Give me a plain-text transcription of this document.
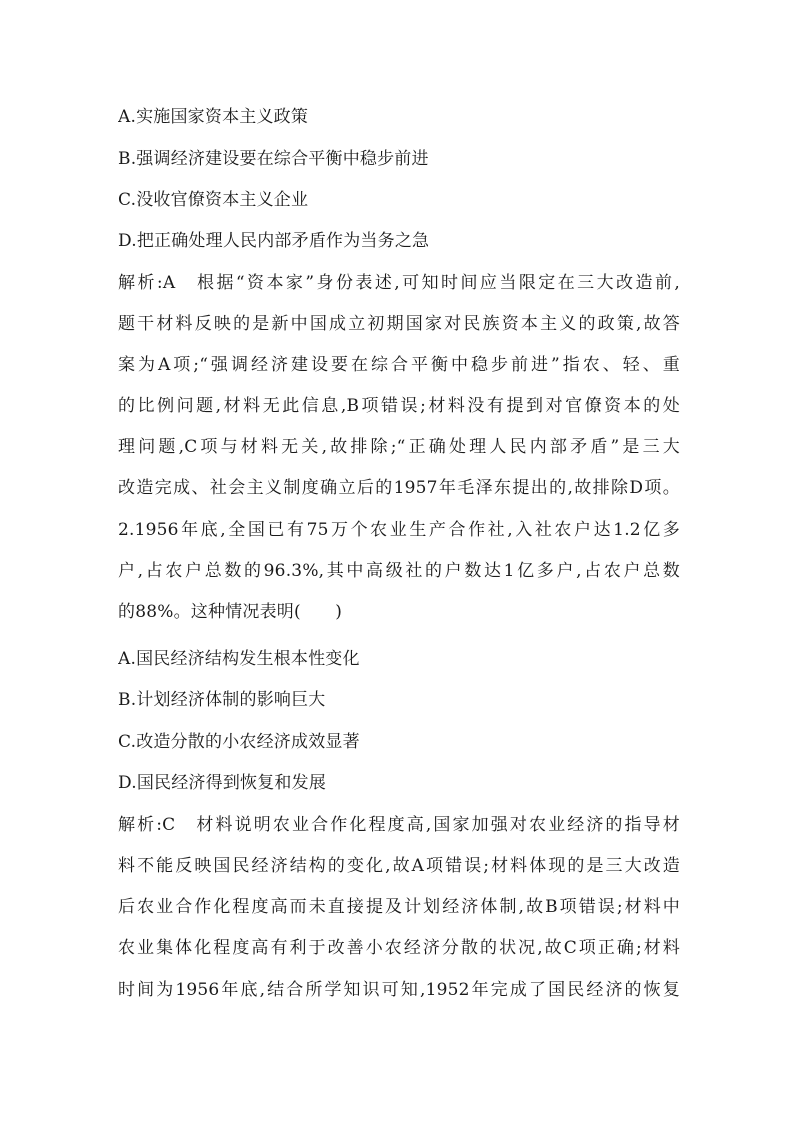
A.实施国家资本主义政策
B.强调经济建设要在综合平衡中稳步前进
C.没收官僚资本主义企业
D.把正确处理人民内部矛盾作为当务之急
解析:A　根据“资本家”身份表述,可知时间应当限定在三大改造前,
题干材料反映的是新中国成立初期国家对民族资本主义的政策,故答
案为A项;“强调经济建设要在综合平衡中稳步前进”指农、轻、重
的比例问题,材料无此信息,B项错误;材料没有提到对官僚资本的处
理问题,C项与材料无关,故排除;“正确处理人民内部矛盾”是三大
改造完成、社会主义制度确立后的1957年毛泽东提出的,故排除D项。
2.1956年底,全国已有75万个农业生产合作社,入社农户达1.2亿多
户,占农户总数的96.3%,其中高级社的户数达1亿多户,占农户总数
的88%。这种情况表明(　　)
A.国民经济结构发生根本性变化
B.计划经济体制的影响巨大
C.改造分散的小农经济成效显著
D.国民经济得到恢复和发展
解析:C　材料说明农业合作化程度高,国家加强对农业经济的指导材
料不能反映国民经济结构的变化,故A项错误;材料体现的是三大改造
后农业合作化程度高而未直接提及计划经济体制,故B项错误;材料中
农业集体化程度高有利于改善小农经济分散的状况,故C项正确;材料
时间为1956年底,结合所学知识可知,1952年完成了国民经济的恢复
